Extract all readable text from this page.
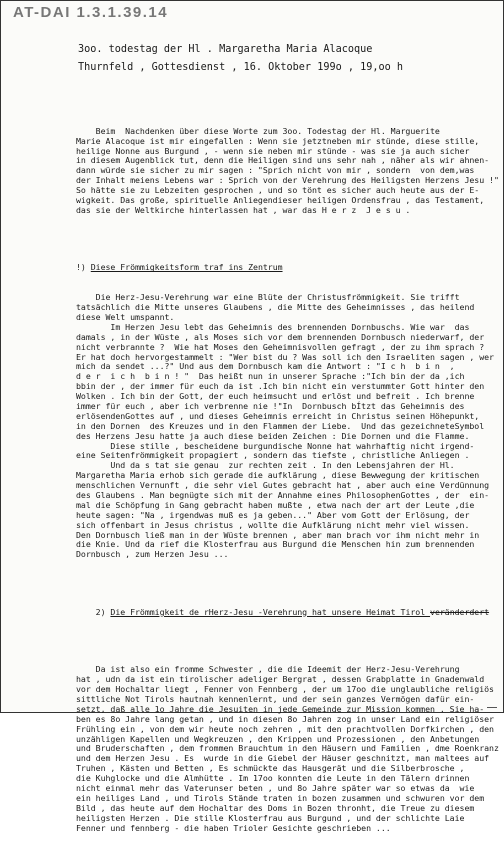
AT-DAI 1.3.1.39.14
3oo. todestag der Hl . Margaretha Maria Alacoque
Thurnfeld , Gottesdienst , 16. Oktober 199o , 19,oo h

Beim  Nachdenken über diese Worte zum 3oo. Todestag der Hl. Marguerite
Marie Alacoque ist mir eingefallen : Wenn sie jetztneben mir stünde, diese stille,
heilige Nonne aus Burgund , - wenn sie neben mir stünde - was sie ja auch sicher
in diesem Augenblick tut, denn die Heiligen sind uns sehr nah , näher als wir ahnen-
dann würde sie sicher zu mir sagen : "Sprich nicht von mir , sondern  von dem,was
der Inhalt meiens Lebens war : Sprich von der Verehrung des Heiligsten Herzens Jesu !"
So hätte sie zu Lebzeiten gesprochen , und so tönt es sicher auch heute aus der E-
wigkeit. Das große, spirituelle Anliegendieser heiligen Ordensfrau , das Testament,
das sie der Weltkirche hinterlassen hat , war das H e r z  J e s u .

!) Diese Frömmigkeitsform traf ins Zentrum

Die Herz-Jesu-Verehrung war eine Blüte der Christusfrömmigkeit. Sie trifft
tatsächlich die Mitte unseres Glaubens , die Mitte des Geheimnisses , das heilend
diese Welt umspannt.
Im Herzen Jesu lebt das Geheimnis des brennenden Dornbuschs. Wie war  das
damals , in der Wüste , als Moses sich vor dem brennenden Dornbusch niederwarf, der
nicht verbrannte ?  Wie hat Moses den Geheimnisvollen gefragt , der zu ihm sprach ?
Er hat doch hervorgestammelt : "Wer bist du ? Was soll ich den Israeliten sagen , wer
mich da sendet ...?" Und aus dem Dornbusch kam die Antwort : "I c h  b i n  ,
d e r  i c h  b i n ! "  Das heißt nun in unserer Sprache :"Ich bin der da ,ich
bbin der , der immer für euch da ist .Ich bin nicht ein verstummter Gott hinter den
Wolken . Ich bin der Gott, der euch heimsucht und erlöst und befreit . Ich brenne
immer für euch , aber ich verbrenne nie !"In  Dornbusch bÍtzt das Geheimnis des
erlösendenGottes auf , und dieses Geheimnis erreicht in Christus seinen Höhepunkt,
in den Dornen  des Kreuzes und in den Flammen der Liebe.  Und das gezeichneteSymbol
des Herzens Jesu hatte ja auch diese beiden Zeichen : Die Dornen und die Flamme.
Diese stille , bescheidene burgundische Nonne hat wahrhaftig nicht irgend-
eine Seitenfrömmigkeit propagiert , sondern das tiefste , christliche Anliegen .
Und da s tat sie genau  zur rechten zeit . In den Lebensjahren der Hl.
Margaretha Maria erhob sich gerade die aufklärung , diese Bewwegung der kritischen
menschlichen Vernunft , die sehr viel Gutes gebracht hat , aber auch eine Verdünnung
des Glaubens . Man begnügte sich mit der Annahme eines PhilosophenGottes , der  ein-
mal die Schöpfung in Gang gebracht haben mußte , etwa nach der art der Leute ,die
heute sagen: "Na , irgendwas muß es ja geben..." Aber vom Gott der Erlösung, der
sich offenbart in Jesus christus , wollte die Aufklärung nicht mehr viel wissen.
Den Dornbusch ließ man in der Wüste brennen , aber man brach vor ihm nicht mehr in
die Knie. Und da rief die Klosterfrau aus Burgund die Menschen hin zum brennenden
Dornbusch , zum Herzen Jesu ...

2) Die Frömmigkeit de rHerz-Jesu -Verehrung hat unsere Heimat Tirol veränderdert

Da ist also ein fromme Schwester , die die Ideemit der Herz-Jesu-Verehrung
hat , udn da ist ein tirolischer adeliger Bergrat , dessen Grabplatte in Gnadenwald
vor dem Hochaltar liegt , Fenner von Fennberg , der um 17oo die unglaubliche religiös
sittliche Not Tirols hautnah kennenlernt, und der sein ganzes Vermögen dafür ein-
setzt, daß alle 1o Jahre die Jesuiten in jede Gemeinde zur Mission kommen . Sie ha-
ben es 8o Jahre lang getan , und in diesen 8o Jahren zog in unser Land ein religiöser
Frühling ein , von dem wir heute noch zehren , mit den prachtvollen Dorfkirchen , den
unzähligen Kapellen und Wegkreuzen , den Krippen und Prozessionen , den Anbetungen
und Bruderschaften , dem frommen Brauchtum in den Häusern und Familien , dme Roenkranz
und dem Herzen Jesu . Es  wurde in die Giebel der Häuser geschnitzt, man maltees auf
Truhen , Kästen und Betten , Es schmückte das Hausgerät und die Silberbrosche ,
die Kuhglocke und die Almhütte . Im 17oo konnten die Leute in den Tälern drinnen
nicht einmal mehr das Vaterunser beten , und 8o Jahre später war so etwas da  wie
ein heiliges Land , und Tirols Stände traten in bozen zusammen und schwuren vor dem
Bild , das heute auf dem Hochaltar des Doms in Bozen thronht, die Treue zu diesem
heiligsten Herzen . Die stille Klosterfrau aus Burgund , und der schlichte Laie
Fenner und fennberg - die haben Trioler Gesichte geschrieben ...
